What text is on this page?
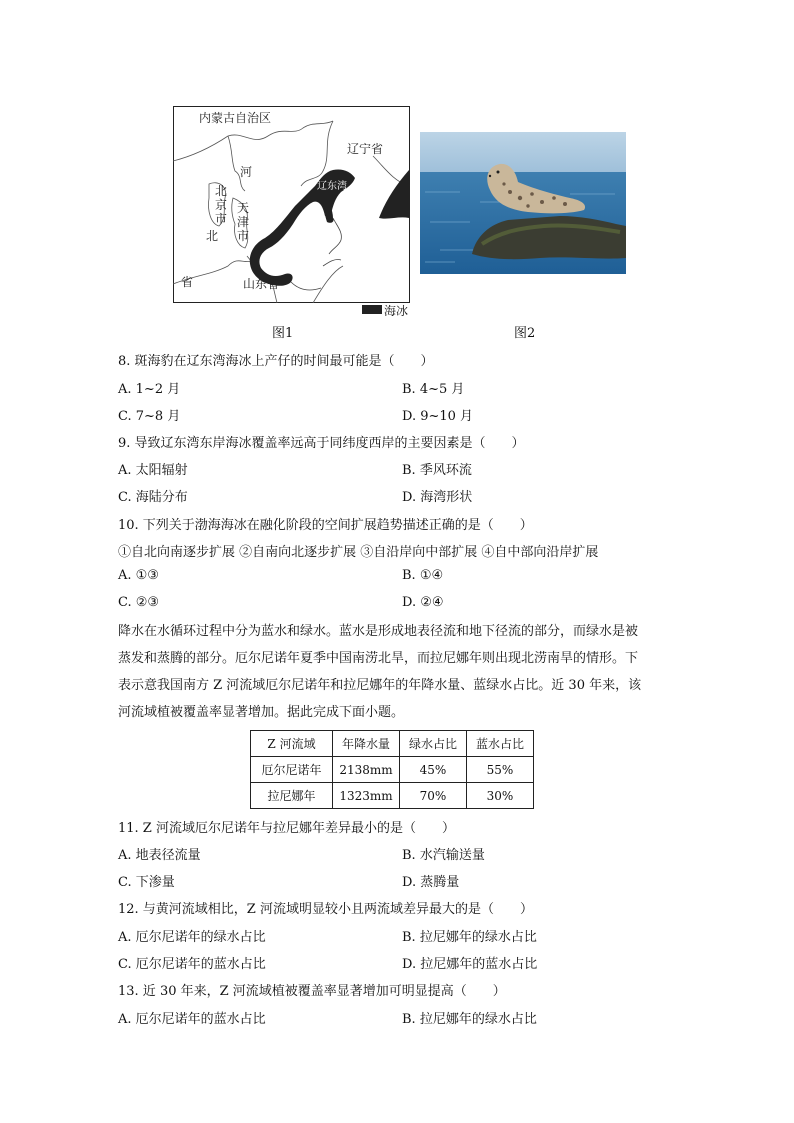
内蒙古自治区
辽宁省
河
北
京
市
天
津
市
北
辽东湾
省	山东省
海冰
图1	图2
8. 斑海豹在辽东湾海冰上产仔的时间最可能是（　　）
A. 1~2 月	B. 4~5 月
C. 7~8 月	D. 9~10 月
9. 导致辽东湾东岸海冰覆盖率远高于同纬度西岸的主要因素是（　　）
A. 太阳辐射	B. 季风环流
C. 海陆分布	D. 海湾形状
10. 下列关于渤海海冰在融化阶段的空间扩展趋势描述正确的是（　　）
①自北向南逐步扩展 ②自南向北逐步扩展 ③自沿岸向中部扩展 ④自中部向沿岸扩展
A. ①③	B. ①④
C. ②③	D. ②④
降水在水循环过程中分为蓝水和绿水。蓝水是形成地表径流和地下径流的部分，而绿水是被
蒸发和蒸腾的部分。厄尔尼诺年夏季中国南涝北旱，而拉尼娜年则出现北涝南旱的情形。下
表示意我国南方 Z 河流域厄尔尼诺年和拉尼娜年的年降水量、蓝绿水占比。近 30 年来，该
河流域植被覆盖率显著增加。据此完成下面小题。
Z 河流域	年降水量	绿水占比	蓝水占比
厄尔尼诺年	2138mm	45%	55%
拉尼娜年	1323mm	70%	30%
11. Z 河流域厄尔尼诺年与拉尼娜年差异最小的是（　　）
A. 地表径流量	B. 水汽输送量
C. 下渗量	D. 蒸腾量
12. 与黄河流域相比，Z 河流域明显较小且两流域差异最大的是（　　）
A. 厄尔尼诺年的绿水占比	B. 拉尼娜年的绿水占比
C. 厄尔尼诺年的蓝水占比	D. 拉尼娜年的蓝水占比
13. 近 30 年来，Z 河流域植被覆盖率显著增加可明显提高（　　）
A. 厄尔尼诺年的蓝水占比	B. 拉尼娜年的绿水占比
